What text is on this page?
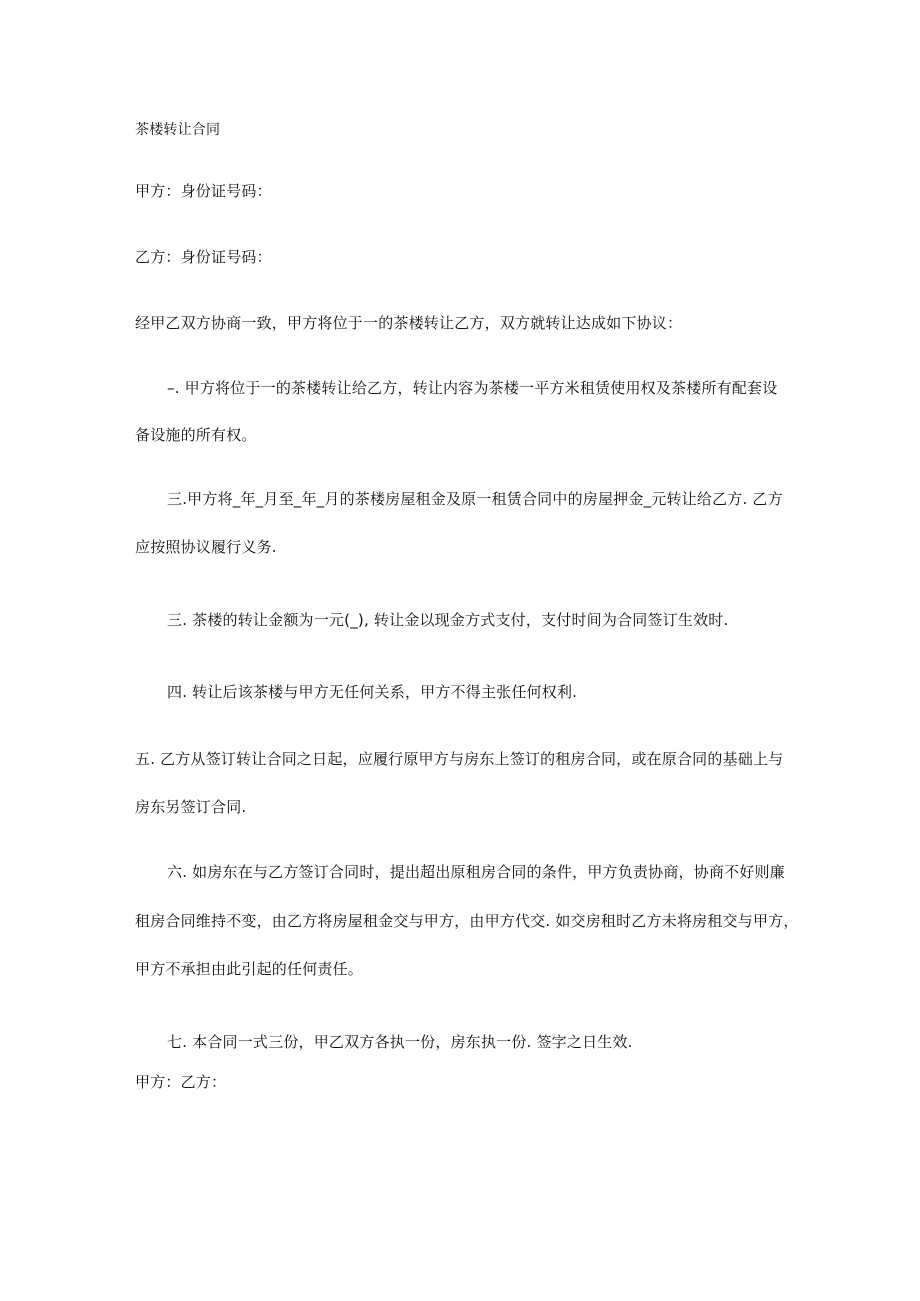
茶楼转让合同
甲方：身份证号码：
乙方：身份证号码：
经甲乙双方协商一致，甲方将位于一的茶楼转让乙方，双方就转让达成如下协议：
–. 甲方将位于一的茶楼转让给乙方，转让内容为茶楼一平方米租赁使用权及茶楼所有配套设
备设施的所有权。
三.甲方将_年_月至_年_月的茶楼房屋租金及原一租赁合同中的房屋押金_元转让给乙方. 乙方
应按照协议履行义务.
三. 茶楼的转让金额为一元(_), 转让金以现金方式支付，支付时间为合同签订生效时.
四. 转让后该茶楼与甲方无任何关系，甲方不得主张任何权利.
五. 乙方从签订转让合同之日起，应履行原甲方与房东上签订的租房合同，或在原合同的基础上与
房东另签订合同.
六. 如房东在与乙方签订合同时，提出超出原租房合同的条件，甲方负责协商，协商不好则廉
租房合同维持不变，由乙方将房屋租金交与甲方，由甲方代交. 如交房租时乙方未将房租交与甲方，
甲方不承担由此引起的任何责任。
七. 本合同一式三份，甲乙双方各执一份，房东执一份. 签字之日生效.
甲方：乙方：
